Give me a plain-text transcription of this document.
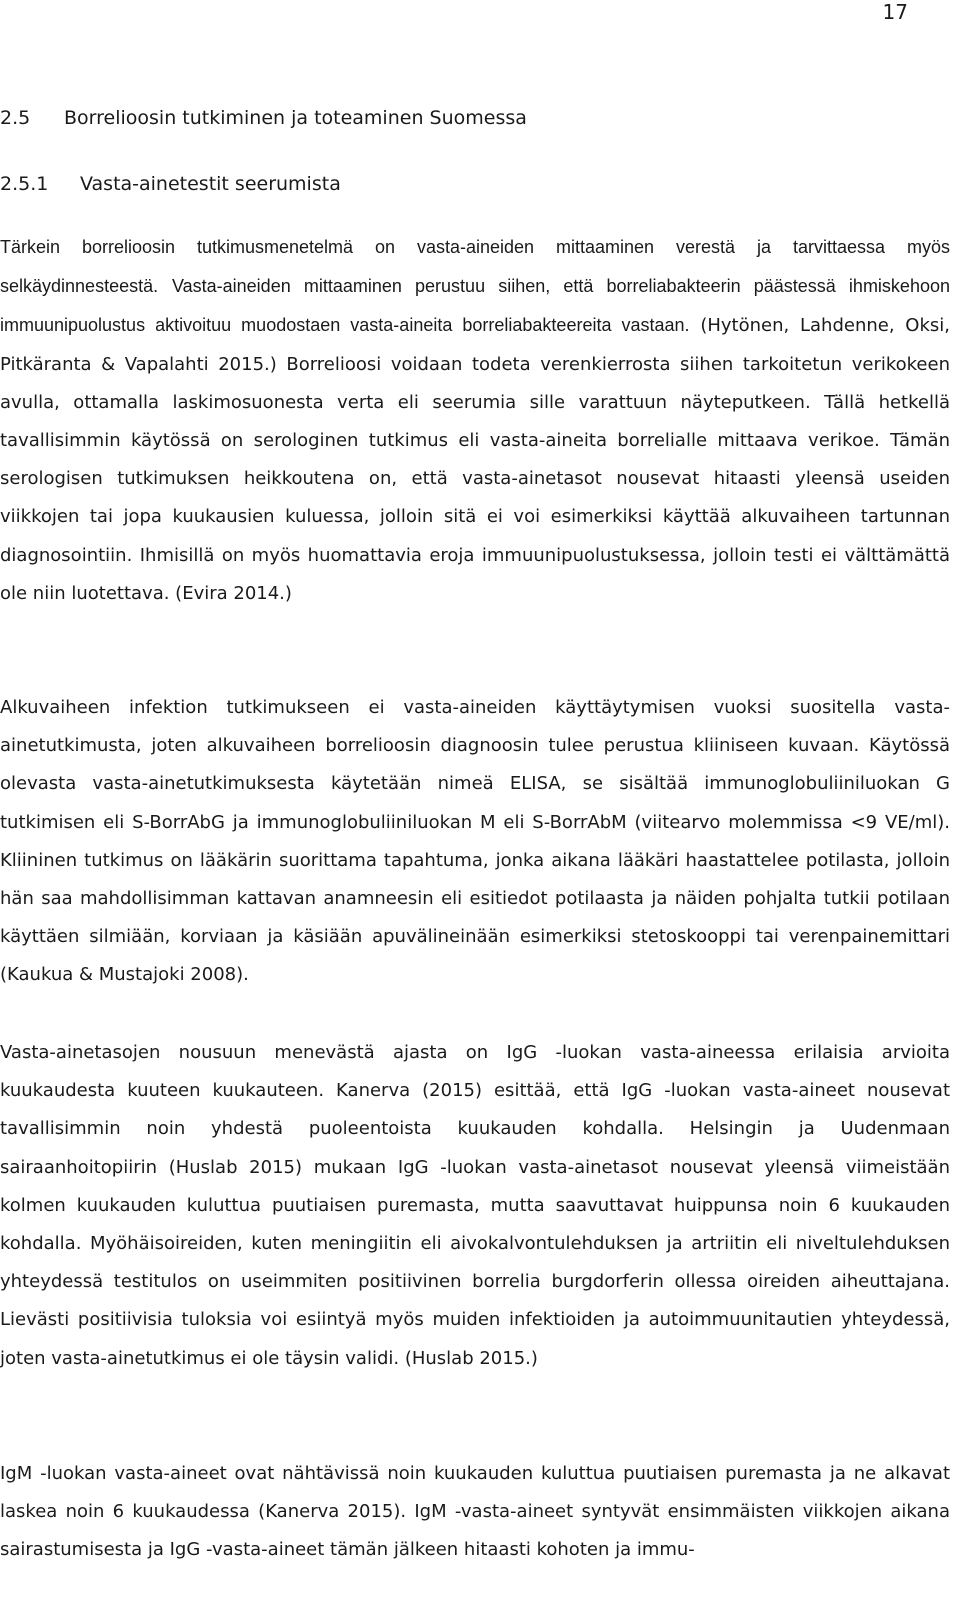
17
2.5 Borrelioosin tutkiminen ja toteaminen Suomessa
2.5.1 Vasta-ainetestit seerumista

Tärkein borrelioosin tutkimusmenetelmä on vasta-aineiden mittaaminen verestä ja tarvittaessa myös selkäydinnesteestä. Vasta-aineiden mittaaminen perustuu siihen, että borreliabakteerin päästessä ihmiskehoon immuunipuolustus aktivoituu muodostaen vasta-aineita borreliabakteereita vastaan. (Hytönen, Lahdenne, Oksi, Pitkäranta & Vapalahti 2015.) Borrelioosi voidaan todeta verenkierrosta siihen tarkoitetun verikokeen avulla, ottamalla laskimosuonesta verta eli seerumia sille varattuun näyteputkeen. Tällä hetkellä tavallisimmin käytössä on serologinen tutkimus eli vasta-aineita borrelialle mittaava verikoe. Tämän serologisen tutkimuksen heikkoutena on, että vasta-ainetasot nousevat hitaasti yleensä useiden viikkojen tai jopa kuukausien kuluessa, jolloin sitä ei voi esimerkiksi käyttää alkuvaiheen tartunnan diagnosointiin. Ihmisillä on myös huomattavia eroja immuunipuolustuksessa, jolloin testi ei välttämättä ole niin luotettava. (Evira 2014.)

Alkuvaiheen infektion tutkimukseen ei vasta-aineiden käyttäytymisen vuoksi suositella vasta-ainetutkimusta, joten alkuvaiheen borrelioosin diagnoosin tulee perustua kliiniseen kuvaan. Käytössä olevasta vasta-ainetutkimuksesta käytetään nimeä ELISA, se sisältää immunoglobuliiniluokan G tutkimisen eli S-BorrAbG ja immunoglobuliiniluokan M eli S-BorrAbM (viitearvo molemmissa <9 VE/ml). Kliininen tutkimus on lääkärin suorittama tapahtuma, jonka aikana lääkäri haastattelee potilasta, jolloin hän saa mahdollisimman kattavan anamneesin eli esitiedot potilaasta ja näiden pohjalta tutkii potilaan käyttäen silmiään, korviaan ja käsiään apuvälineinään esimerkiksi stetoskooppi tai verenpainemittari (Kaukua & Mustajoki 2008).

Vasta-ainetasojen nousuun menevästä ajasta on IgG -luokan vasta-aineessa erilaisia arvioita kuukaudesta kuuteen kuukauteen. Kanerva (2015) esittää, että IgG -luokan vasta-aineet nousevat tavallisimmin noin yhdestä puoleentoista kuukauden kohdalla. Helsingin ja Uudenmaan sairaanhoitopiirin (Huslab 2015) mukaan IgG -luokan vasta-ainetasot nousevat yleensä viimeistään kolmen kuukauden kuluttua puutiaisen puremasta, mutta saavuttavat huippunsa noin 6 kuukauden kohdalla. Myöhäisoireiden, kuten meningiitin eli aivokalvontulehduksen ja artriitin eli niveltulehduksen yhteydessä testitulos on useimmiten positiivinen borrelia burgdorferin ollessa oireiden aiheuttajana. Lievästi positiivisia tuloksia voi esiintyä myös muiden infektioiden ja autoimmuunitautien yhteydessä, joten vasta-ainetutkimus ei ole täysin validi. (Huslab 2015.)

IgM -luokan vasta-aineet ovat nähtävissä noin kuukauden kuluttua puutiaisen puremasta ja ne alkavat laskea noin 6 kuukaudessa (Kanerva 2015). IgM -vasta-aineet syntyvät ensimmäisten viikkojen aikana sairastumisesta ja IgG -vasta-aineet tämän jälkeen hitaasti kohoten ja immu-
